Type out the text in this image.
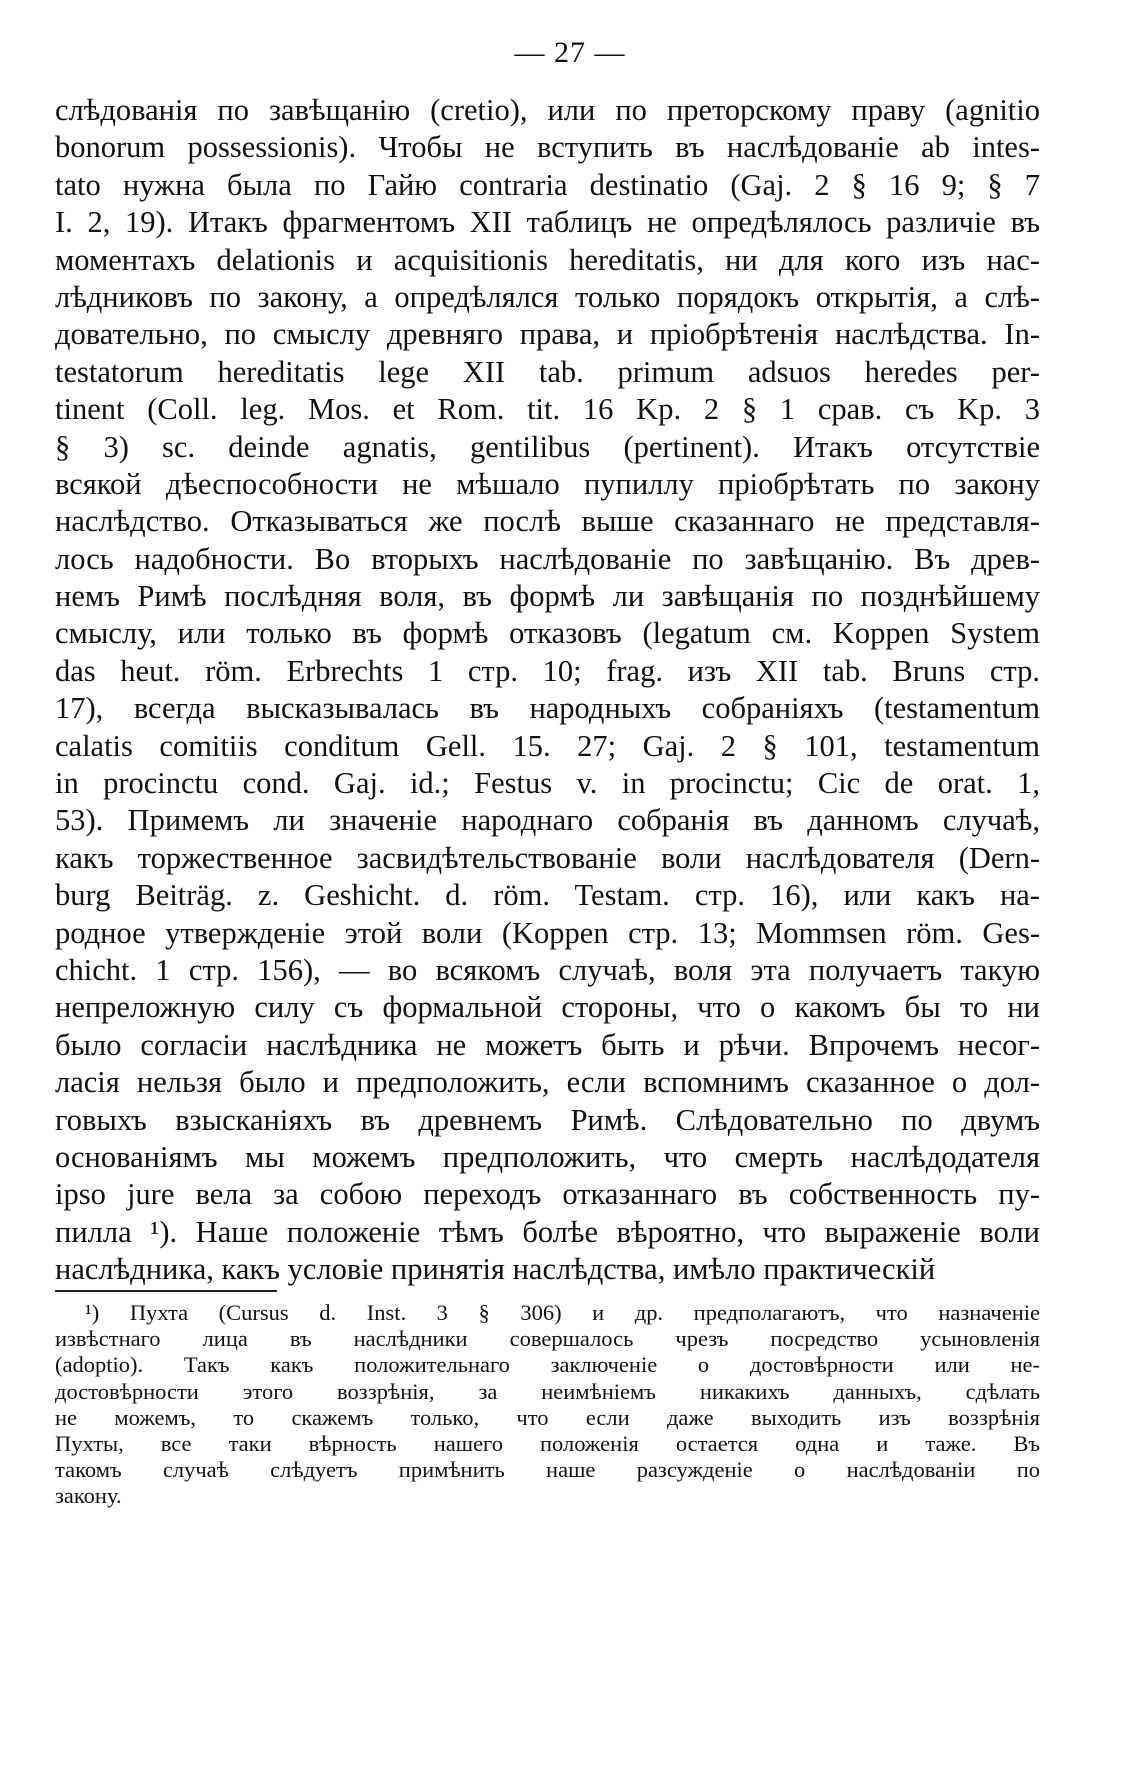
— 27 —
слѣдованія по завѣщанію (cretio), или по преторскому праву (agnitio
bonorum possessionis). Чтобы не вступить въ наслѣдованіе ab intes-
tato нужна была по Гайю contraria destinatio (Gaj. 2 § 16 9; § 7
I. 2, 19). Итакъ фрагментомъ XII таблицъ не опредѣлялось различіе въ
моментахъ delationis и acquisitionis hereditatis, ни для кого изъ нас-
лѣдниковъ по закону, а опредѣлялся только порядокъ открытія, а слѣ-
довательно, по смыслу древняго права, и пріобрѣтенія наслѣдства. In-
testatorum hereditatis lege XII tab. primum adsuos heredes per-
tinent (Coll. leg. Mos. et Rom. tit. 16 Kp. 2 § 1 срав. съ Kp. 3
§ 3) sc. deinde agnatis, gentilibus (pertinent). Итакъ отсутствіе
всякой дѣеспособности не мѣшало пупиллу пріобрѣтать по закону
наслѣдство. Отказываться же послѣ выше сказаннаго не представля-
лось надобности. Во вторыхъ наслѣдованіе по завѣщанію. Въ древ-
немъ Римѣ послѣдняя воля, въ формѣ ли завѣщанія по позднѣйшему
смыслу, или только въ формѣ отказовъ (legatum см. Koppen System
das heut. röm. Erbrechts 1 стр. 10; frag. изъ XII tab. Bruns стр.
17), всегда высказывалась въ народныхъ собраніяхъ (testamentum
calatis comitiis conditum Gell. 15. 27; Gaj. 2 § 101, testamentum
in procinctu cond. Gaj. id.; Festus v. in procinctu; Cic de orat. 1,
53). Примемъ ли значеніе народнаго собранія въ данномъ случаѣ,
какъ торжественное засвидѣтельствованіе воли наслѣдователя (Dern-
burg Beiträg. z. Geshicht. d. röm. Testam. стр. 16), или какъ на-
родное утвержденіе этой воли (Koppen стр. 13; Mommsen röm. Ges-
chicht. 1 стр. 156), — во всякомъ случаѣ, воля эта получаетъ такую
непреложную силу съ формальной стороны, что о какомъ бы то ни
было согласіи наслѣдника не можетъ быть и рѣчи. Впрочемъ несог-
ласія нельзя было и предположить, если вспомнимъ сказанное о дол-
говыхъ взысканіяхъ въ древнемъ Римѣ. Слѣдовательно по двумъ
основаніямъ мы можемъ предположить, что смерть наслѣдодателя
ipso jure вела за собою переходъ отказаннаго въ собственность пу-
пилла ¹). Наше положеніе тѣмъ болѣе вѣроятно, что выраженіе воли
наслѣдника, какъ условіе принятія наслѣдства, имѣло практическій
¹) Пухта (Cursus d. Inst. 3 § 306) и др. предполагаютъ, что назначеніе
извѣстнаго лица въ наслѣдники совершалось чрезъ посредство усыновленія
(adoptio). Такъ какъ положительнаго заключеніе о достовѣрности или не-
достовѣрности этого воззрѣнія, за неимѣніемъ никакихъ данныхъ, сдѣлать
не можемъ, то скажемъ только, что если даже выходить изъ воззрѣнія
Пухты, все таки вѣрность нашего положенія остается одна и таже. Въ
такомъ случаѣ слѣдуетъ примѣнить наше разсужденіе о наслѣдованіи по
закону.
